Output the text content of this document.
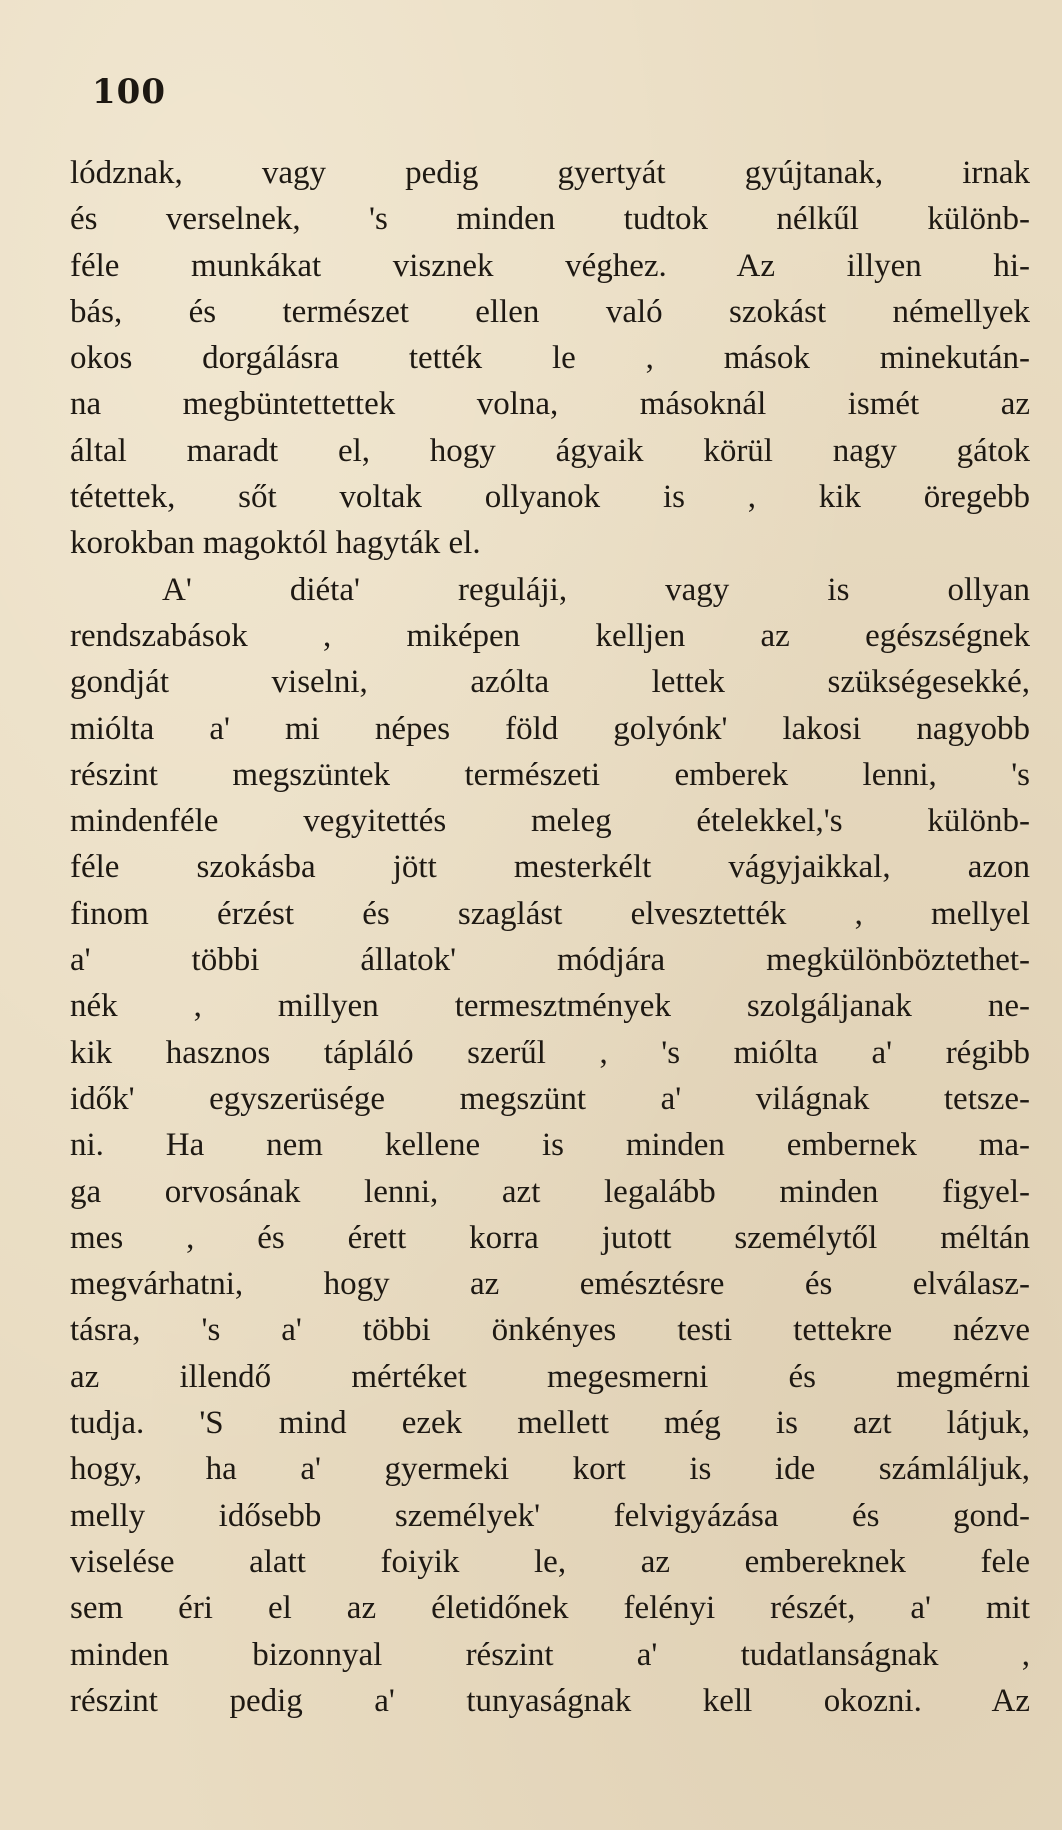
100
lódznak, vagy pedig gyertyát gyújtanak, irnak
és verselnek, 's minden tudtok nélkűl különb-
féle munkákat visznek véghez. Az illyen hi-
bás, és természet ellen való szokást némellyek
okos dorgálásra tették le , mások minekután-
na megbüntettettek volna, másoknál ismét az
által maradt el, hogy ágyaik körül nagy gátok
tétettek, sőt voltak ollyanok is , kik öregebb
korokban magoktól hagyták el.
A' diéta' reguláji, vagy is ollyan
rendszabások , miképen kelljen az egészségnek
gondját viselni, azólta lettek szükségesekké,
miólta a' mi népes föld golyónk' lakosi nagyobb
részint megszüntek természeti emberek lenni, 's
mindenféle vegyitettés meleg ételekkel,'s különb-
féle szokásba jött mesterkélt vágyjaikkal, azon
finom érzést és szaglást elvesztették , mellyel
a' többi állatok' módjára megkülönböztethet-
nék , millyen termesztmények szolgáljanak ne-
kik hasznos tápláló szerűl , 's miólta a' régibb
idők' egyszerüsége megszünt a' világnak tetsze-
ni. Ha nem kellene is minden embernek ma-
ga orvosának lenni, azt legalább minden figyel-
mes , és érett korra jutott személytől méltán
megvárhatni, hogy az emésztésre és elválasz-
tásra, 's a' többi önkényes testi tettekre nézve
az illendő mértéket megesmerni és megmérni
tudja. 'S mind ezek mellett még is azt látjuk,
hogy, ha a' gyermeki kort is ide számláljuk,
melly idősebb személyek' felvigyázása és gond-
viselése alatt foiyik le, az embereknek fele
sem éri el az életidőnek felényi részét, a' mit
minden bizonnyal részint a' tudatlanságnak ,
részint pedig a' tunyaságnak kell okozni. Az
